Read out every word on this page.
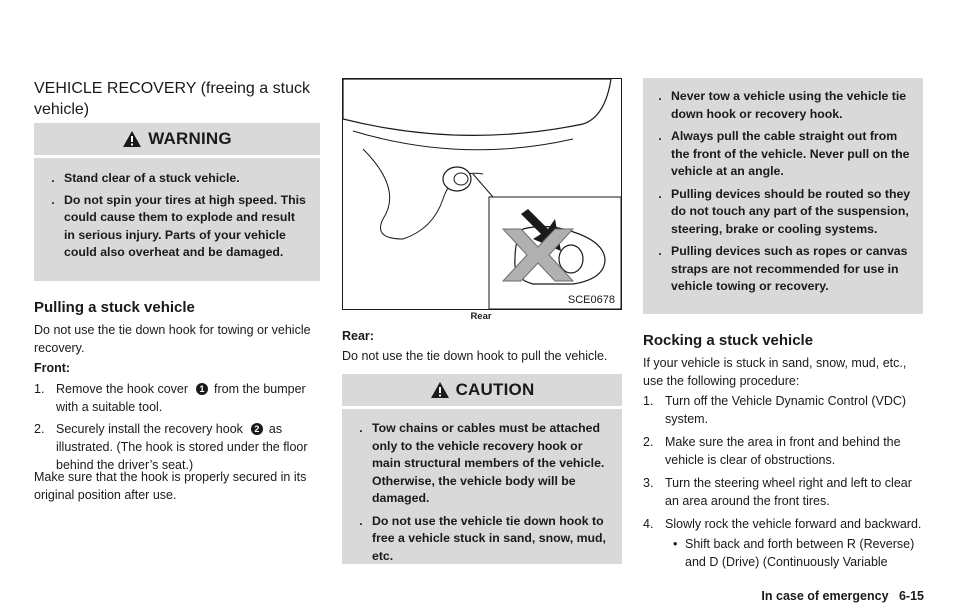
VEHICLE RECOVERY (freeing a stuck vehicle)
WARNING
. Stand clear of a stuck vehicle.
. Do not spin your tires at high speed. This could cause them to explode and result in serious injury. Parts of your vehicle could also overheat and be damaged.
Pulling a stuck vehicle

Do not use the tie down hook for towing or vehicle recovery.

Front:

1. Remove the hook cover 1 from the bumper with a suitable tool.
2. Securely install the recovery hook 2 as illustrated. (The hook is stored under the floor behind the driver’s seat.)

Make sure that the hook is properly secured in its original position after use.

SCE0678
Rear

Rear:

Do not use the tie down hook to pull the vehicle.

CAUTION
. Tow chains or cables must be attached only to the vehicle recovery hook or main structural members of the vehicle. Otherwise, the vehicle body will be damaged.
. Do not use the vehicle tie down hook to free a vehicle stuck in sand, snow, mud, etc.
. Never tow a vehicle using the vehicle tie down hook or recovery hook.
. Always pull the cable straight out from the front of the vehicle. Never pull on the vehicle at an angle.
. Pulling devices should be routed so they do not touch any part of the suspension, steering, brake or cooling systems.
. Pulling devices such as ropes or canvas straps are not recommended for use in vehicle towing or recovery.
Rocking a stuck vehicle

If your vehicle is stuck in sand, snow, mud, etc., use the following procedure:

1. Turn off the Vehicle Dynamic Control (VDC) system.
2. Make sure the area in front and behind the vehicle is clear of obstructions.
3. Turn the steering wheel right and left to clear an area around the front tires.
4. Slowly rock the vehicle forward and backward.
• Shift back and forth between R (Reverse) and D (Drive) (Continuously Variable
In case of emergency   6-15
